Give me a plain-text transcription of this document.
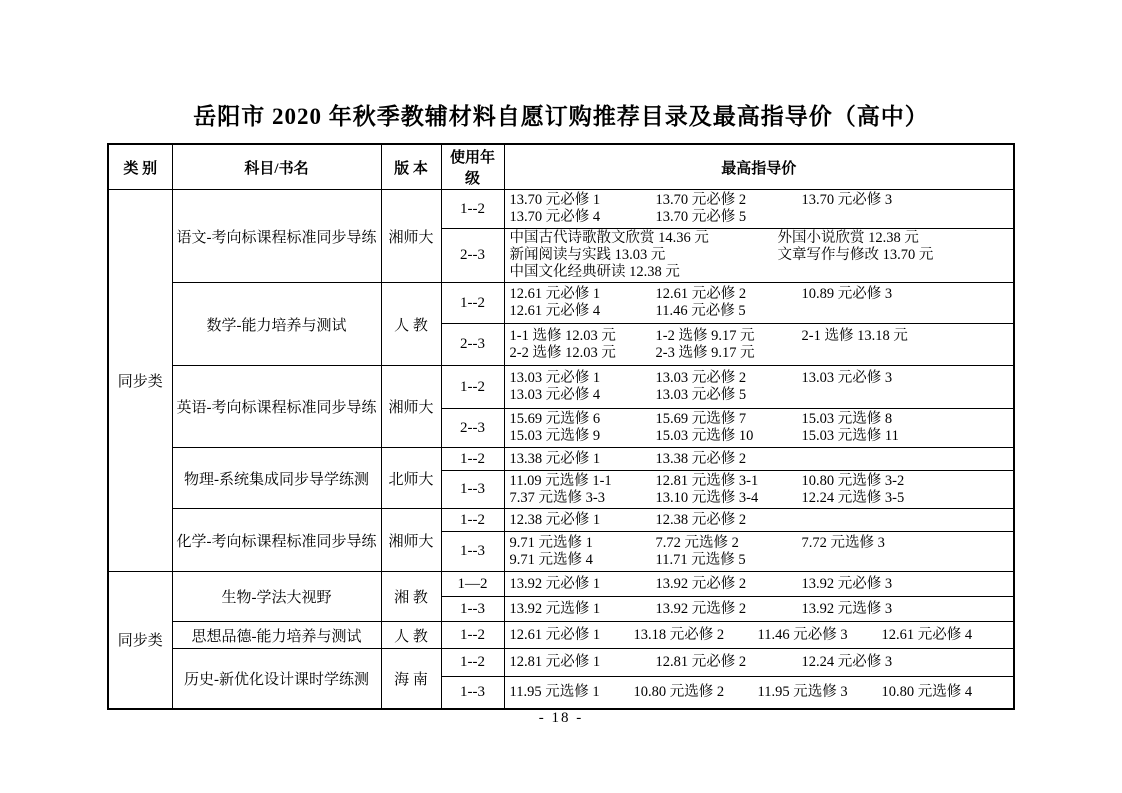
岳阳市 2020 年秋季教辅材料自愿订购推荐目录及最高指导价（高中）
类 别	科目/书名	版 本	使用年级	最高指导价
同步类	语文-考向标课程标准同步导练	湘师大	1--2	13.70 元必修 1 13.70 元必修 2 13.70 元必修 3
13.70 元必修 4 13.70 元必修 5

			2--3	中国古代诗歌散文欣赏 14.36 元 外国小说欣赏 12.38 元
新闻阅读与实践 13.03 元 文章写作与修改 13.70 元
中国文化经典研读 12.38 元

	数学-能力培养与测试	人 教	1--2	12.61 元必修 1 12.61 元必修 2 10.89 元必修 3
12.61 元必修 4 11.46 元必修 5

			2--3	1-1 选修 12.03 元 1-2 选修 9.17 元 2-1 选修 13.18 元
2-2 选修 12.03 元 2-3 选修 9.17 元

	英语-考向标课程标准同步导练	湘师大	1--2	13.03 元必修 1 13.03 元必修 2 13.03 元必修 3
13.03 元必修 4 13.03 元必修 5

			2--3	15.69 元选修 6 15.69 元选修 7 15.03 元选修 8
15.03 元选修 9 15.03 元选修 10 15.03 元选修 11

	物理-系统集成同步导学练测	北师大	1--2	13.38 元必修 1 13.38 元必修 2

			1--3	11.09 元选修 1-1 12.81 元选修 3-1 10.80 元选修 3-2
7.37 元选修 3-3 13.10 元选修 3-4 12.24 元选修 3-5

	化学-考向标课程标准同步导练	湘师大	1--2	12.38 元必修 1 12.38 元必修 2

			1--3	9.71 元选修 1 7.72 元选修 2 7.72 元选修 3
9.71 元选修 4 11.71 元选修 5

同步类	生物-学法大视野	湘 教	1—2	13.92 元必修 1 13.92 元必修 2 13.92 元必修 3

			1--3	13.92 元选修 1 13.92 元选修 2 13.92 元选修 3

	思想品德-能力培养与测试	人 教	1--2	12.61 元必修 1 13.18 元必修 2 11.46 元必修 3 12.61 元必修 4

	历史-新优化设计课时学练测	海 南	1--2	12.81 元必修 1 12.81 元必修 2 12.24 元必修 3

			1--3	11.95 元选修 1 10.80 元选修 2 11.95 元选修 3 10.80 元选修 4
- 18 -
